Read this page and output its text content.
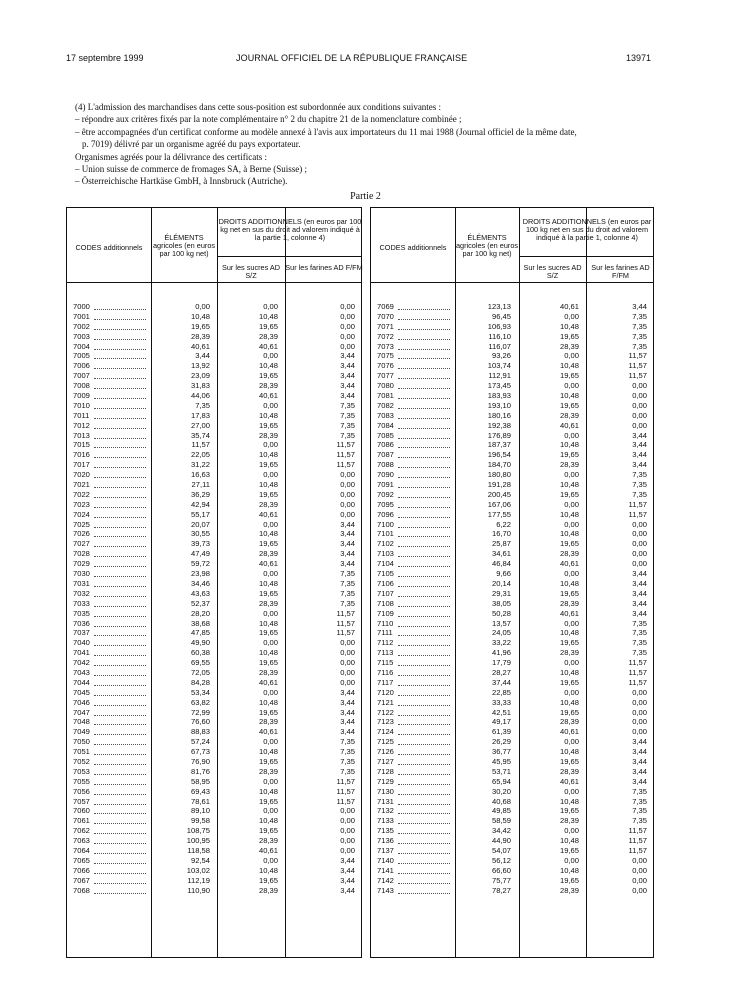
17 septembre 1999	JOURNAL OFFICIEL DE LA RÉPUBLIQUE FRANÇAISE	13971
(4) L'admission des marchandises dans cette sous-position est subordonnée aux conditions suivantes :
– répondre aux critères fixés par la note complémentaire n° 2 du chapitre 21 de la nomenclature combinée ;
– être accompagnées d'un certificat conforme au modèle annexé à l'avis aux importateurs du 11 mai 1988 (Journal officiel de la même date,
p. 7019) délivré par un organisme agréé du pays exportateur.
Organismes agréés pour la délivrance des certificats :
– Union suisse de commerce de fromages SA, à Berne (Suisse) ;
– Österreichische Hartkäse GmbH, à Innsbruck (Autriche).
Partie 2
CODES additionnels
ÉLÉMENTS agricoles (en euros par 100 kg net)
DROITS ADDITIONNELS (en euros par 100 kg net en sus du droit ad valorem indiqué à la partie 1, colonne 4)
Sur les sucres AD S/Z
Sur les farines AD F/FM
7000	0,00	0,00	0,00
7001	10,48	10,48	0,00
7002	19,65	19,65	0,00
7003	28,39	28,39	0,00
7004	40,61	40,61	0,00
7005	3,44	0,00	3,44
7006	13,92	10,48	3,44
7007	23,09	19,65	3,44
7008	31,83	28,39	3,44
7009	44,06	40,61	3,44
7010	7,35	0,00	7,35
7011	17,83	10,48	7,35
7012	27,00	19,65	7,35
7013	35,74	28,39	7,35
7015	11,57	0,00	11,57
7016	22,05	10,48	11,57
7017	31,22	19,65	11,57
7020	16,63	0,00	0,00
7021	27,11	10,48	0,00
7022	36,29	19,65	0,00
7023	42,94	28,39	0,00
7024	55,17	40,61	0,00
7025	20,07	0,00	3,44
7026	30,55	10,48	3,44
7027	39,73	19,65	3,44
7028	47,49	28,39	3,44
7029	59,72	40,61	3,44
7030	23,98	0,00	7,35
7031	34,46	10,48	7,35
7032	43,63	19,65	7,35
7033	52,37	28,39	7,35
7035	28,20	0,00	11,57
7036	38,68	10,48	11,57
7037	47,85	19,65	11,57
7040	49,90	0,00	0,00
7041	60,38	10,48	0,00
7042	69,55	19,65	0,00
7043	72,05	28,39	0,00
7044	84,28	40,61	0,00
7045	53,34	0,00	3,44
7046	63,82	10,48	3,44
7047	72,99	19,65	3,44
7048	76,60	28,39	3,44
7049	88,83	40,61	3,44
7050	57,24	0,00	7,35
7051	67,73	10,48	7,35
7052	76,90	19,65	7,35
7053	81,76	28,39	7,35
7055	58,95	0,00	11,57
7056	69,43	10,48	11,57
7057	78,61	19,65	11,57
7060	89,10	0,00	0,00
7061	99,58	10,48	0,00
7062	108,75	19,65	0,00
7063	100,95	28,39	0,00
7064	118,58	40,61	0,00
7065	92,54	0,00	3,44
7066	103,02	10,48	3,44
7067	112,19	19,65	3,44
7068	110,90	28,39	3,44
CODES additionnels
ÉLÉMENTS agricoles (en euros par 100 kg net)
DROITS ADDITIONNELS (en euros par 100 kg net en sus du droit ad valorem indiqué à la partie 1, colonne 4)
Sur les sucres AD S/Z
Sur les farines AD F/FM
7069	123,13	40,61	3,44
7070	96,45	0,00	7,35
7071	106,93	10,48	7,35
7072	116,10	19,65	7,35
7073	116,07	28,39	7,35
7075	93,26	0,00	11,57
7076	103,74	10,48	11,57
7077	112,91	19,65	11,57
7080	173,45	0,00	0,00
7081	183,93	10,48	0,00
7082	193,10	19,65	0,00
7083	180,16	28,39	0,00
7084	192,38	40,61	0,00
7085	176,89	0,00	3,44
7086	187,37	10,48	3,44
7087	196,54	19,65	3,44
7088	184,70	28,39	3,44
7090	180,80	0,00	7,35
7091	191,28	10,48	7,35
7092	200,45	19,65	7,35
7095	167,06	0,00	11,57
7096	177,55	10,48	11,57
7100	6,22	0,00	0,00
7101	16,70	10,48	0,00
7102	25,87	19,65	0,00
7103	34,61	28,39	0,00
7104	46,84	40,61	0,00
7105	9,66	0,00	3,44
7106	20,14	10,48	3,44
7107	29,31	19,65	3,44
7108	38,05	28,39	3,44
7109	50,28	40,61	3,44
7110	13,57	0,00	7,35
7111	24,05	10,48	7,35
7112	33,22	19,65	7,35
7113	41,96	28,39	7,35
7115	17,79	0,00	11,57
7116	28,27	10,48	11,57
7117	37,44	19,65	11,57
7120	22,85	0,00	0,00
7121	33,33	10,48	0,00
7122	42,51	19,65	0,00
7123	49,17	28,39	0,00
7124	61,39	40,61	0,00
7125	26,29	0,00	3,44
7126	36,77	10,48	3,44
7127	45,95	19,65	3,44
7128	53,71	28,39	3,44
7129	65,94	40,61	3,44
7130	30,20	0,00	7,35
7131	40,68	10,48	7,35
7132	49,85	19,65	7,35
7133	58,59	28,39	7,35
7135	34,42	0,00	11,57
7136	44,90	10,48	11,57
7137	54,07	19,65	11,57
7140	56,12	0,00	0,00
7141	66,60	10,48	0,00
7142	75,77	19,65	0,00
7143	78,27	28,39	0,00
